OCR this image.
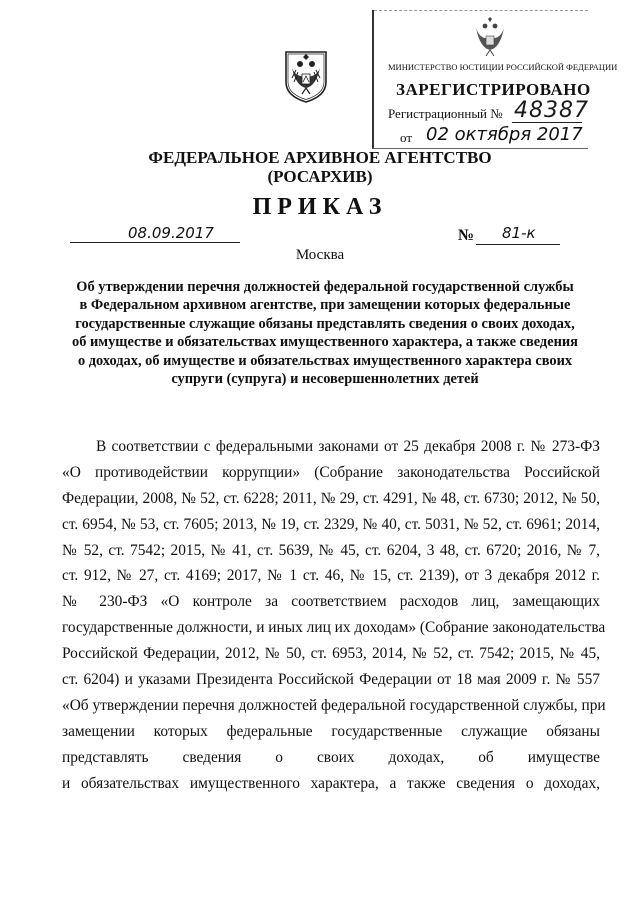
МИНИСТЕРСТВО ЮСТИЦИИ РОССИЙСКОЙ ФЕДЕРАЦИИ
ЗАРЕГИСТРИРОВАНО
Регистрационный № 48387
от 02 октября 2017
ФЕДЕРАЛЬНОЕ АРХИВНОЕ АГЕНТСТВО
(РОСАРХИВ)
ПРИКАЗ
08.09.2017	№ 81-к
Москва
Об утверждении перечня должностей федеральной государственной службы
в Федеральном архивном агентстве, при замещении которых федеральные
государственные служащие обязаны представлять сведения о своих доходах,
об имуществе и обязательствах имущественного характера, а также сведения
о доходах, об имуществе и обязательствах имущественного характера своих
супруги (супруга) и несовершеннолетних детей
В соответствии с федеральными законами от 25 декабря 2008 г. № 273-ФЗ
«О противодействии коррупции» (Собрание законодательства Российской
Федерации, 2008, № 52, ст. 6228; 2011, № 29, ст. 4291, № 48, ст. 6730; 2012, № 50,
ст. 6954, № 53, ст. 7605; 2013, № 19, ст. 2329, № 40, ст. 5031, № 52, ст. 6961; 2014,
№ 52, ст. 7542; 2015, № 41, ст. 5639, № 45, ст. 6204, 3 48, ст. 6720; 2016, № 7,
ст. 912, № 27, ст. 4169; 2017, № 1 ст. 46, № 15, ст. 2139), от 3 декабря 2012 г.
№ 230-ФЗ «О контроле за соответствием расходов лиц, замещающих
государственные должности, и иных лиц их доходам» (Собрание законодательства
Российской Федерации, 2012, № 50, ст. 6953, 2014, № 52, ст. 7542; 2015, № 45,
ст. 6204) и указами Президента Российской Федерации от 18 мая 2009 г. № 557
«Об утверждении перечня должностей федеральной государственной службы, при
замещении которых федеральные государственные служащие обязаны
представлять сведения о своих доходах, об имуществе
и обязательствах имущественного характера, а также сведения о доходах,
